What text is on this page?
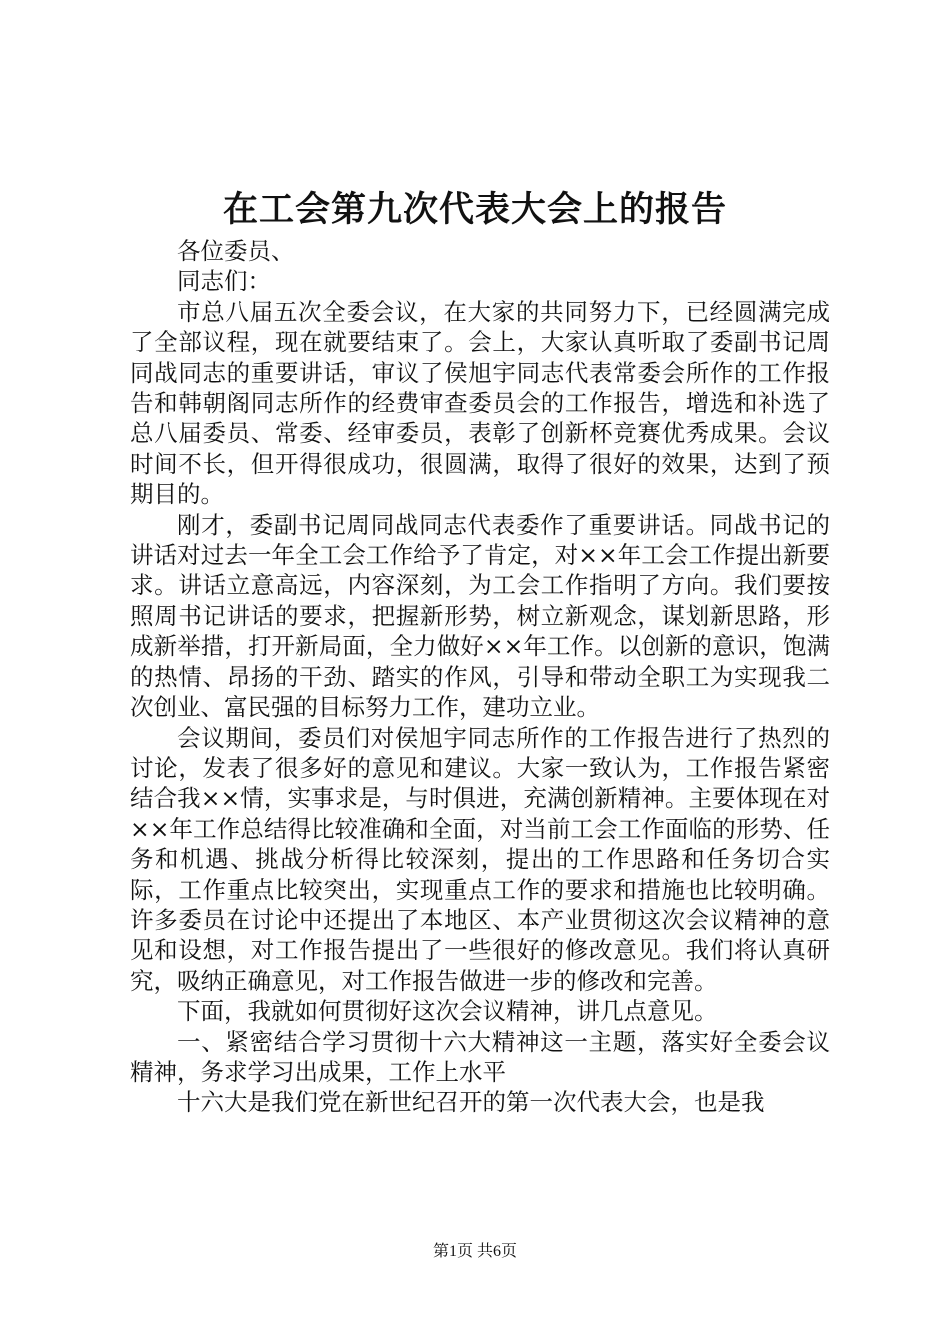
在工会第九次代表大会上的报告

各位委员、

同志们：

市总八届五次全委会议，在大家的共同努力下，已经圆满完成了全部议程，现在就要结束了。会上，大家认真听取了委副书记周同战同志的重要讲话，审议了侯旭宇同志代表常委会所作的工作报告和韩朝阁同志所作的经费审查委员会的工作报告，增选和补选了总八届委员、常委、经审委员，表彰了创新杯竞赛优秀成果。会议时间不长，但开得很成功，很圆满，取得了很好的效果，达到了预期目的。

刚才，委副书记周同战同志代表委作了重要讲话。同战书记的讲话对过去一年全工会工作给予了肯定，对××年工会工作提出新要求。讲话立意高远，内容深刻，为工会工作指明了方向。我们要按照周书记讲话的要求，把握新形势，树立新观念，谋划新思路，形成新举措，打开新局面，全力做好××年工作。以创新的意识，饱满的热情、昂扬的干劲、踏实的作风，引导和带动全职工为实现我二次创业、富民强的目标努力工作，建功立业。

会议期间，委员们对侯旭宇同志所作的工作报告进行了热烈的讨论，发表了很多好的意见和建议。大家一致认为，工作报告紧密结合我××情，实事求是，与时俱进，充满创新精神。主要体现在对××年工作总结得比较准确和全面，对当前工会工作面临的形势、任务和机遇、挑战分析得比较深刻，提出的工作思路和任务切合实际，工作重点比较突出，实现重点工作的要求和措施也比较明确。许多委员在讨论中还提出了本地区、本产业贯彻这次会议精神的意见和设想，对工作报告提出了一些很好的修改意见。我们将认真研究，吸纳正确意见，对工作报告做进一步的修改和完善。

下面，我就如何贯彻好这次会议精神，讲几点意见。

一、紧密结合学习贯彻十六大精神这一主题，落实好全委会议精神，务求学习出成果，工作上水平

十六大是我们党在新世纪召开的第一次代表大会，也是我

第1页 共6页
